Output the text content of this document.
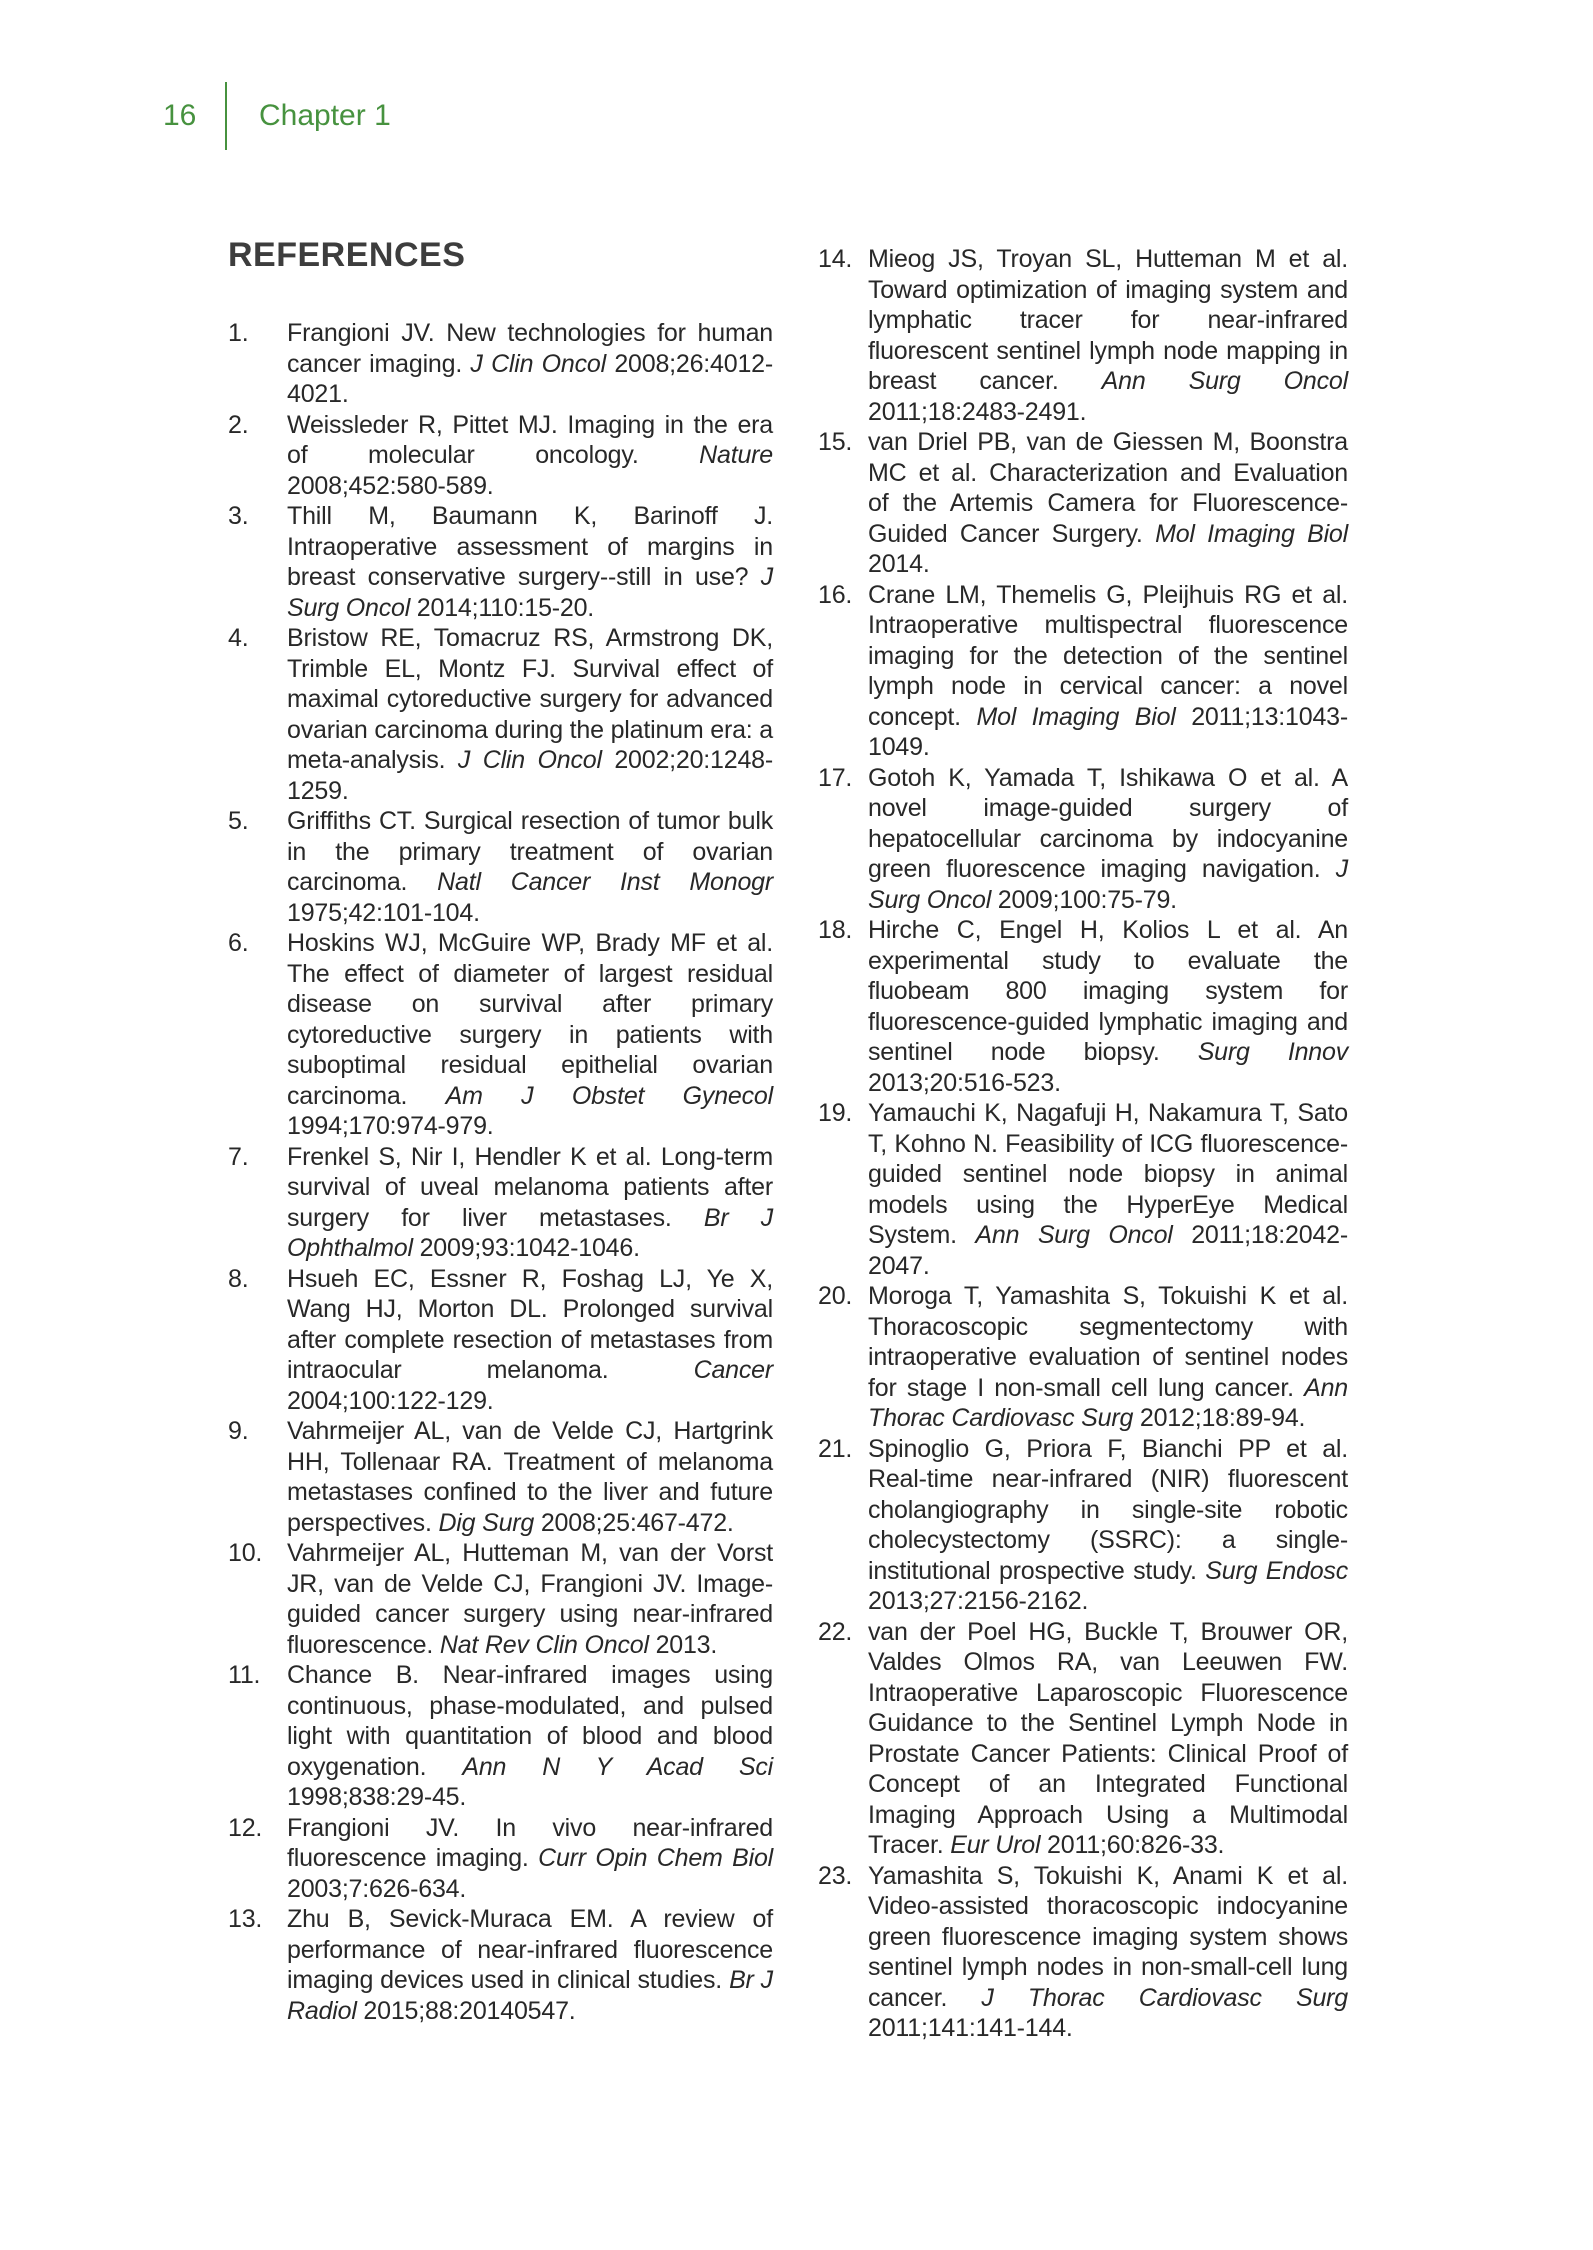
16 Chapter 1
REFERENCES
1.	Frangioni JV. New technologies for human cancer imaging. J Clin Oncol 2008;26:4012-4021.

2.	Weissleder R, Pittet MJ. Imaging in the era of molecular oncology. Nature 2008;452:580-589.

3.	Thill M, Baumann K, Barinoff J. Intraoperative assessment of margins in breast conservative surgery--still in use? J Surg Oncol 2014;110:15-20.

4.	Bristow RE, Tomacruz RS, Armstrong DK, Trimble EL, Montz FJ. Survival effect of maximal cytoreductive surgery for advanced ovarian carcinoma during the platinum era: a meta-analysis. J Clin Oncol 2002;20:1248-1259.

5.	Griffiths CT. Surgical resection of tumor bulk in the primary treatment of ovarian carcinoma. Natl Cancer Inst Monogr 1975;42:101-104.

6.	Hoskins WJ, McGuire WP, Brady MF et al. The effect of diameter of largest residual disease on survival after primary cytoreductive surgery in patients with suboptimal residual epithelial ovarian carcinoma. Am J Obstet Gynecol 1994;170:974-979.

7.	Frenkel S, Nir I, Hendler K et al. Long-term survival of uveal melanoma patients after surgery for liver metastases. Br J Ophthalmol 2009;93:1042-1046.

8.	Hsueh EC, Essner R, Foshag LJ, Ye X, Wang HJ, Morton DL. Prolonged survival after complete resection of metastases from intraocular melanoma. Cancer 2004;100:122-129.

9.	Vahrmeijer AL, van de Velde CJ, Hartgrink HH, Tollenaar RA. Treatment of melanoma metastases confined to the liver and future perspectives. Dig Surg 2008;25:467-472.

10. Vahrmeijer AL, Hutteman M, van der Vorst JR, van de Velde CJ, Frangioni JV. Image-guided cancer surgery using near-infrared fluorescence. Nat Rev Clin Oncol 2013.

11.	Chance B. Near-infrared images using continuous, phase-modulated, and pulsed light with quantitation of blood and blood oxygenation. Ann N Y Acad Sci 1998;838:29-45.

12. Frangioni JV. In vivo near-infrared fluorescence imaging. Curr Opin Chem Biol 2003;7:626-634.

13. Zhu B, Sevick-Muraca EM. A review of performance of near-infrared fluorescence imaging devices used in clinical studies. Br J Radiol 2015;88:20140547.

14. Mieog JS, Troyan SL, Hutteman M et al. Toward optimization of imaging system and lymphatic tracer for near-infrared fluorescent sentinel lymph node mapping in breast cancer. Ann Surg Oncol 2011;18:2483-2491.

15. van Driel PB, van de Giessen M, Boonstra MC et al. Characterization and Evaluation of the Artemis Camera for Fluorescence-Guided Cancer Surgery. Mol Imaging Biol 2014.

16. Crane LM, Themelis G, Pleijhuis RG et al. Intraoperative multispectral fluorescence imaging for the detection of the sentinel lymph node in cervical cancer: a novel concept. Mol Imaging Biol 2011;13:1043-1049.

17. Gotoh K, Yamada T, Ishikawa O et al. A novel image-guided surgery of hepatocellular carcinoma by indocyanine green fluorescence imaging navigation. J Surg Oncol 2009;100:75-79.

18. Hirche C, Engel H, Kolios L et al. An experimental study to evaluate the fluobeam 800 imaging system for fluorescence-guided lymphatic imaging and sentinel node biopsy. Surg Innov 2013;20:516-523.

19. Yamauchi K, Nagafuji H, Nakamura T, Sato T, Kohno N. Feasibility of ICG fluorescence-guided sentinel node biopsy in animal models using the HyperEye Medical System. Ann Surg Oncol 2011;18:2042-2047.

20. Moroga T, Yamashita S, Tokuishi K et al. Thoracoscopic segmentectomy with intraoperative evaluation of sentinel nodes for stage I non-small cell lung cancer. Ann Thorac Cardiovasc Surg 2012;18:89-94.

21. Spinoglio G, Priora F, Bianchi PP et al. Real-time near-infrared (NIR) fluorescent cholangiography in single-site robotic cholecystectomy (SSRC): a single-institutional prospective study. Surg Endosc 2013;27:2156-2162.

22. van der Poel HG, Buckle T, Brouwer OR, Valdes Olmos RA, van Leeuwen FW. Intraoperative Laparoscopic Fluorescence Guidance to the Sentinel Lymph Node in Prostate Cancer Patients: Clinical Proof of Concept of an Integrated Functional Imaging Approach Using a Multimodal Tracer. Eur Urol 2011;60:826-33.

23. Yamashita S, Tokuishi K, Anami K et al. Video-assisted thoracoscopic indocyanine green fluorescence imaging system shows sentinel lymph nodes in non-small-cell lung cancer. J Thorac Cardiovasc Surg 2011;141:141-144.
